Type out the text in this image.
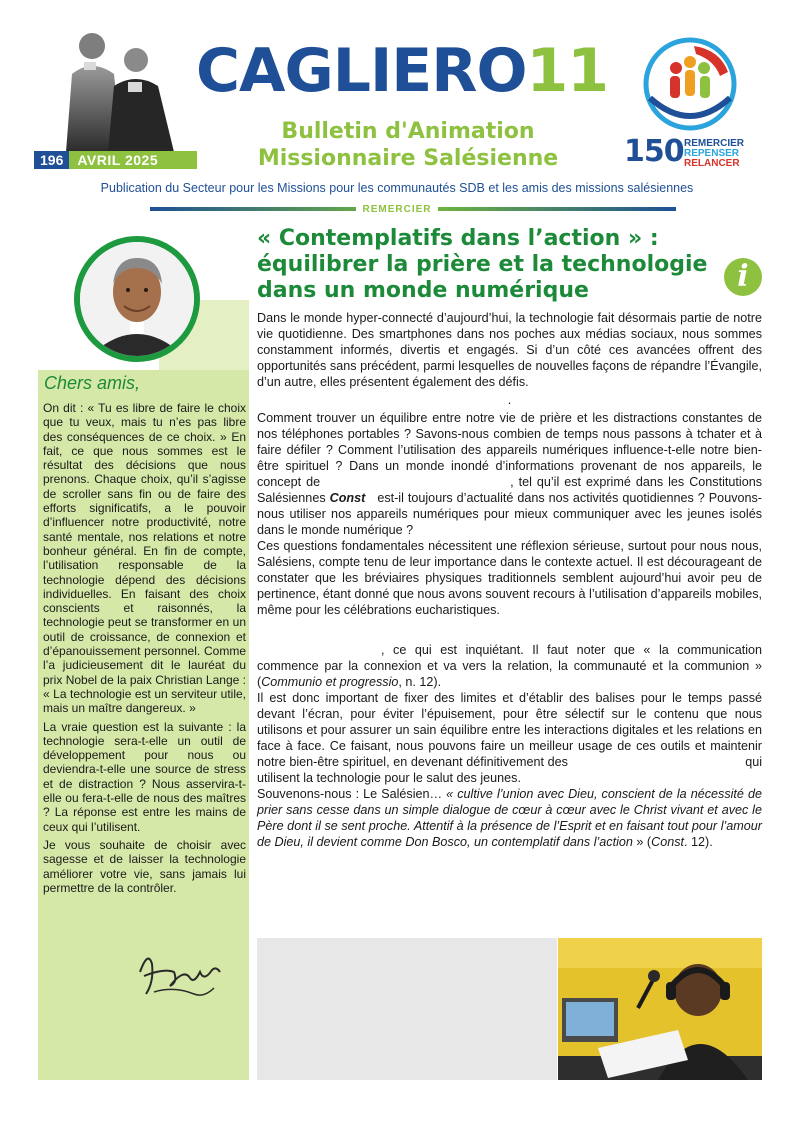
196	AVRIL 2025
CAGLIERO11
Bulletin d'Animation
Missionnaire Salésienne	150 REMERCIER
REPENSER
RELANCER
Publication du Secteur pour les Missions pour les communautés SDB et les amis des missions salésiennes
REMERCIER
Chers amis,

On dit : « Tu es libre de faire le choix que tu veux, mais tu n’es pas libre des conséquences de ce choix. » En fait, ce que nous sommes est le résultat des décisions que nous prenons. Chaque choix, qu’il s’agisse de scroller sans fin ou de faire des efforts significatifs, a le pouvoir d’influencer notre productivité, notre santé mentale, nos relations et notre bonheur général. En fin de compte, l’utilisation responsable de la technologie dépend des décisions individuelles. En faisant des choix conscients et raisonnés, la technologie peut se transformer en un outil de croissance, de connexion et d’épanouissement personnel. Comme l’a judicieusement dit le lauréat du prix Nobel de la paix Christian Lange : « La technologie est un serviteur utile, mais un maître dangereux. »

La vraie question est la suivante : la technologie sera-t-elle un outil de développement pour nous ou deviendra-t-elle une source de stress et de distraction ? Nous asservira-t-elle ou fera-t-elle de nous des maîtres ? La réponse est entre les mains de ceux qui l’utilisent.

Je vous souhaite de choisir avec sagesse et de laisser la technologie améliorer votre vie, sans jamais lui permettre de la contrôler.

« Contemplatifs dans l’action » :
équilibrer la prière et la technologie
dans un monde numérique	i

Dans le monde hyper-connecté d’aujourd’hui, la technologie fait désormais partie de notre vie quotidienne. Des smartphones dans nos poches aux médias sociaux, nous sommes constamment informés, divertis et engagés. Si d’un côté ces avancées offrent des opportunités sans précédent, parmi lesquelles de nouvelles façons de répandre l’Évangile, d’un autre, elles présentent également des défis.

.

Comment trouver un équilibre entre notre vie de prière et les distractions constantes de nos téléphones portables ? Savons-nous combien de temps nous passons à tchater et à faire défiler ? Comment l’utilisation des appareils numériques influence-t-elle notre bien-être spirituel ? Dans un monde inondé d’informations provenant de nos appareils, le concept de	, tel qu’il est exprimé dans les Constitutions Salésiennes Const est-il toujours d’actualité dans nos activités quotidiennes ? Pouvons-nous utiliser nos appareils numériques pour mieux communiquer avec les jeunes isolés dans le monde numérique ?

Ces questions fondamentales nécessitent une réflexion sérieuse, surtout pour nous nous, Salésiens, compte tenu de leur importance dans le contexte actuel. Il est décourageant de constater que les bréviaires physiques traditionnels semblent aujourd’hui avoir peu de pertinence, étant donné que nous avons souvent recours à l’utilisation d’appareils mobiles, même pour les célébrations eucharistiques.

, ce qui est inquiétant. Il faut noter que « la communication commence par la connexion et va vers la relation, la communauté et la communion » (Communio et progressio, n. 12).

Il est donc important de fixer des limites et d’établir des balises pour le temps passé devant l’écran, pour éviter l’épuisement, pour être sélectif sur le contenu que nous utilisons et pour assurer un sain équilibre entre les interactions digitales et les relations en face à face. Ce faisant, nous pouvons faire un meilleur usage de ces outils et maintenir notre bien-être spirituel, en devenant définitivement des	qui utilisent la technologie pour le salut des jeunes.

Souvenons-nous : Le Salésien… « cultive l’union avec Dieu, conscient de la nécessité de prier sans cesse dans un simple dialogue de cœur à cœur avec le Christ vivant et avec le Père dont il se sent proche. Attentif à la présence de l’Esprit et en faisant tout pour l’amour de Dieu, il devient comme Don Bosco, un contemplatif dans l’action » (Const. 12).
